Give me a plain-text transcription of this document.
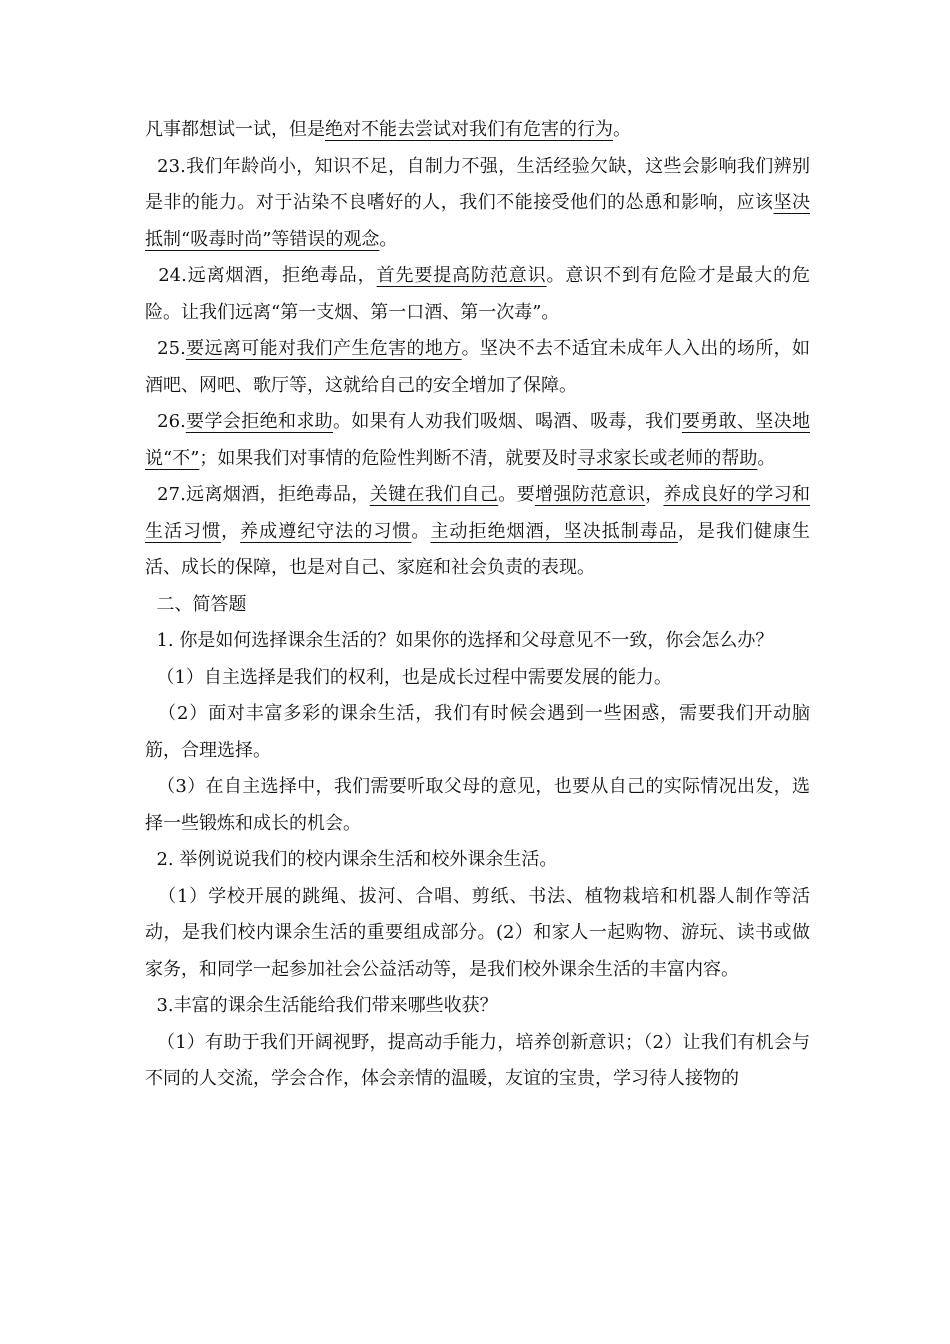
凡事都想试一试，但是绝对不能去尝试对我们有危害的行为。

23.我们年龄尚小，知识不足，自制力不强，生活经验欠缺，这些会影响我们辨别是非的能力。对于沾染不良嗜好的人，我们不能接受他们的怂恿和影响，应该坚决抵制“吸毒时尚”等错误的观念。

24.远离烟酒，拒绝毒品，首先要提高防范意识。意识不到有危险才是最大的危险。让我们远离“第一支烟、第一口酒、第一次毒”。

25.要远离可能对我们产生危害的地方。坚决不去不适宜未成年人入出的场所，如酒吧、网吧、歌厅等，这就给自己的安全增加了保障。

26.要学会拒绝和求助。如果有人劝我们吸烟、喝酒、吸毒，我们要勇敢、坚决地说“不”；如果我们对事情的危险性判断不清，就要及时寻求家长或老师的帮助。

27.远离烟酒，拒绝毒品，关键在我们自己。要增强防范意识，养成良好的学习和生活习惯，养成遵纪守法的习惯。主动拒绝烟酒，坚决抵制毒品，是我们健康生活、成长的保障，也是对自己、家庭和社会负责的表现。

二、简答题

1. 你是如何选择课余生活的？如果你的选择和父母意见不一致，你会怎么办？

（1）自主选择是我们的权利，也是成长过程中需要发展的能力。

（2）面对丰富多彩的课余生活，我们有时候会遇到一些困惑，需要我们开动脑筋，合理选择。

（3）在自主选择中，我们需要听取父母的意见，也要从自己的实际情况出发，选择一些锻炼和成长的机会。

2. 举例说说我们的校内课余生活和校外课余生活。

（1）学校开展的跳绳、拔河、合唱、剪纸、书法、植物栽培和机器人制作等活动，是我们校内课余生活的重要组成部分。(2）和家人一起购物、游玩、读书或做家务，和同学一起参加社会公益活动等，是我们校外课余生活的丰富内容。

3.丰富的课余生活能给我们带来哪些收获？

（1）有助于我们开阔视野，提高动手能力，培养创新意识；（2）让我们有机会与不同的人交流，学会合作，体会亲情的温暖，友谊的宝贵，学习待人接物的
